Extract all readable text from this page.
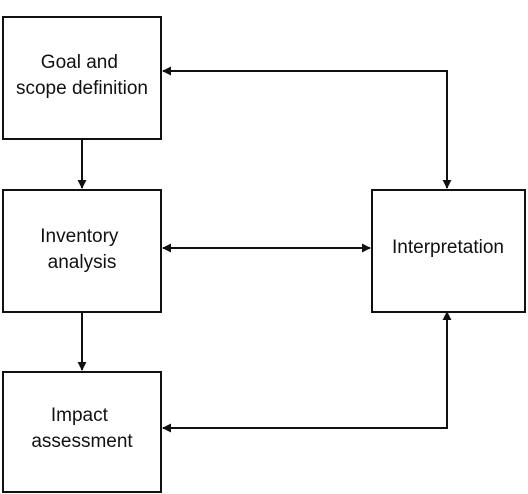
Goal and scope definition
Inventory analysis
Impact assessment
Interpretation
